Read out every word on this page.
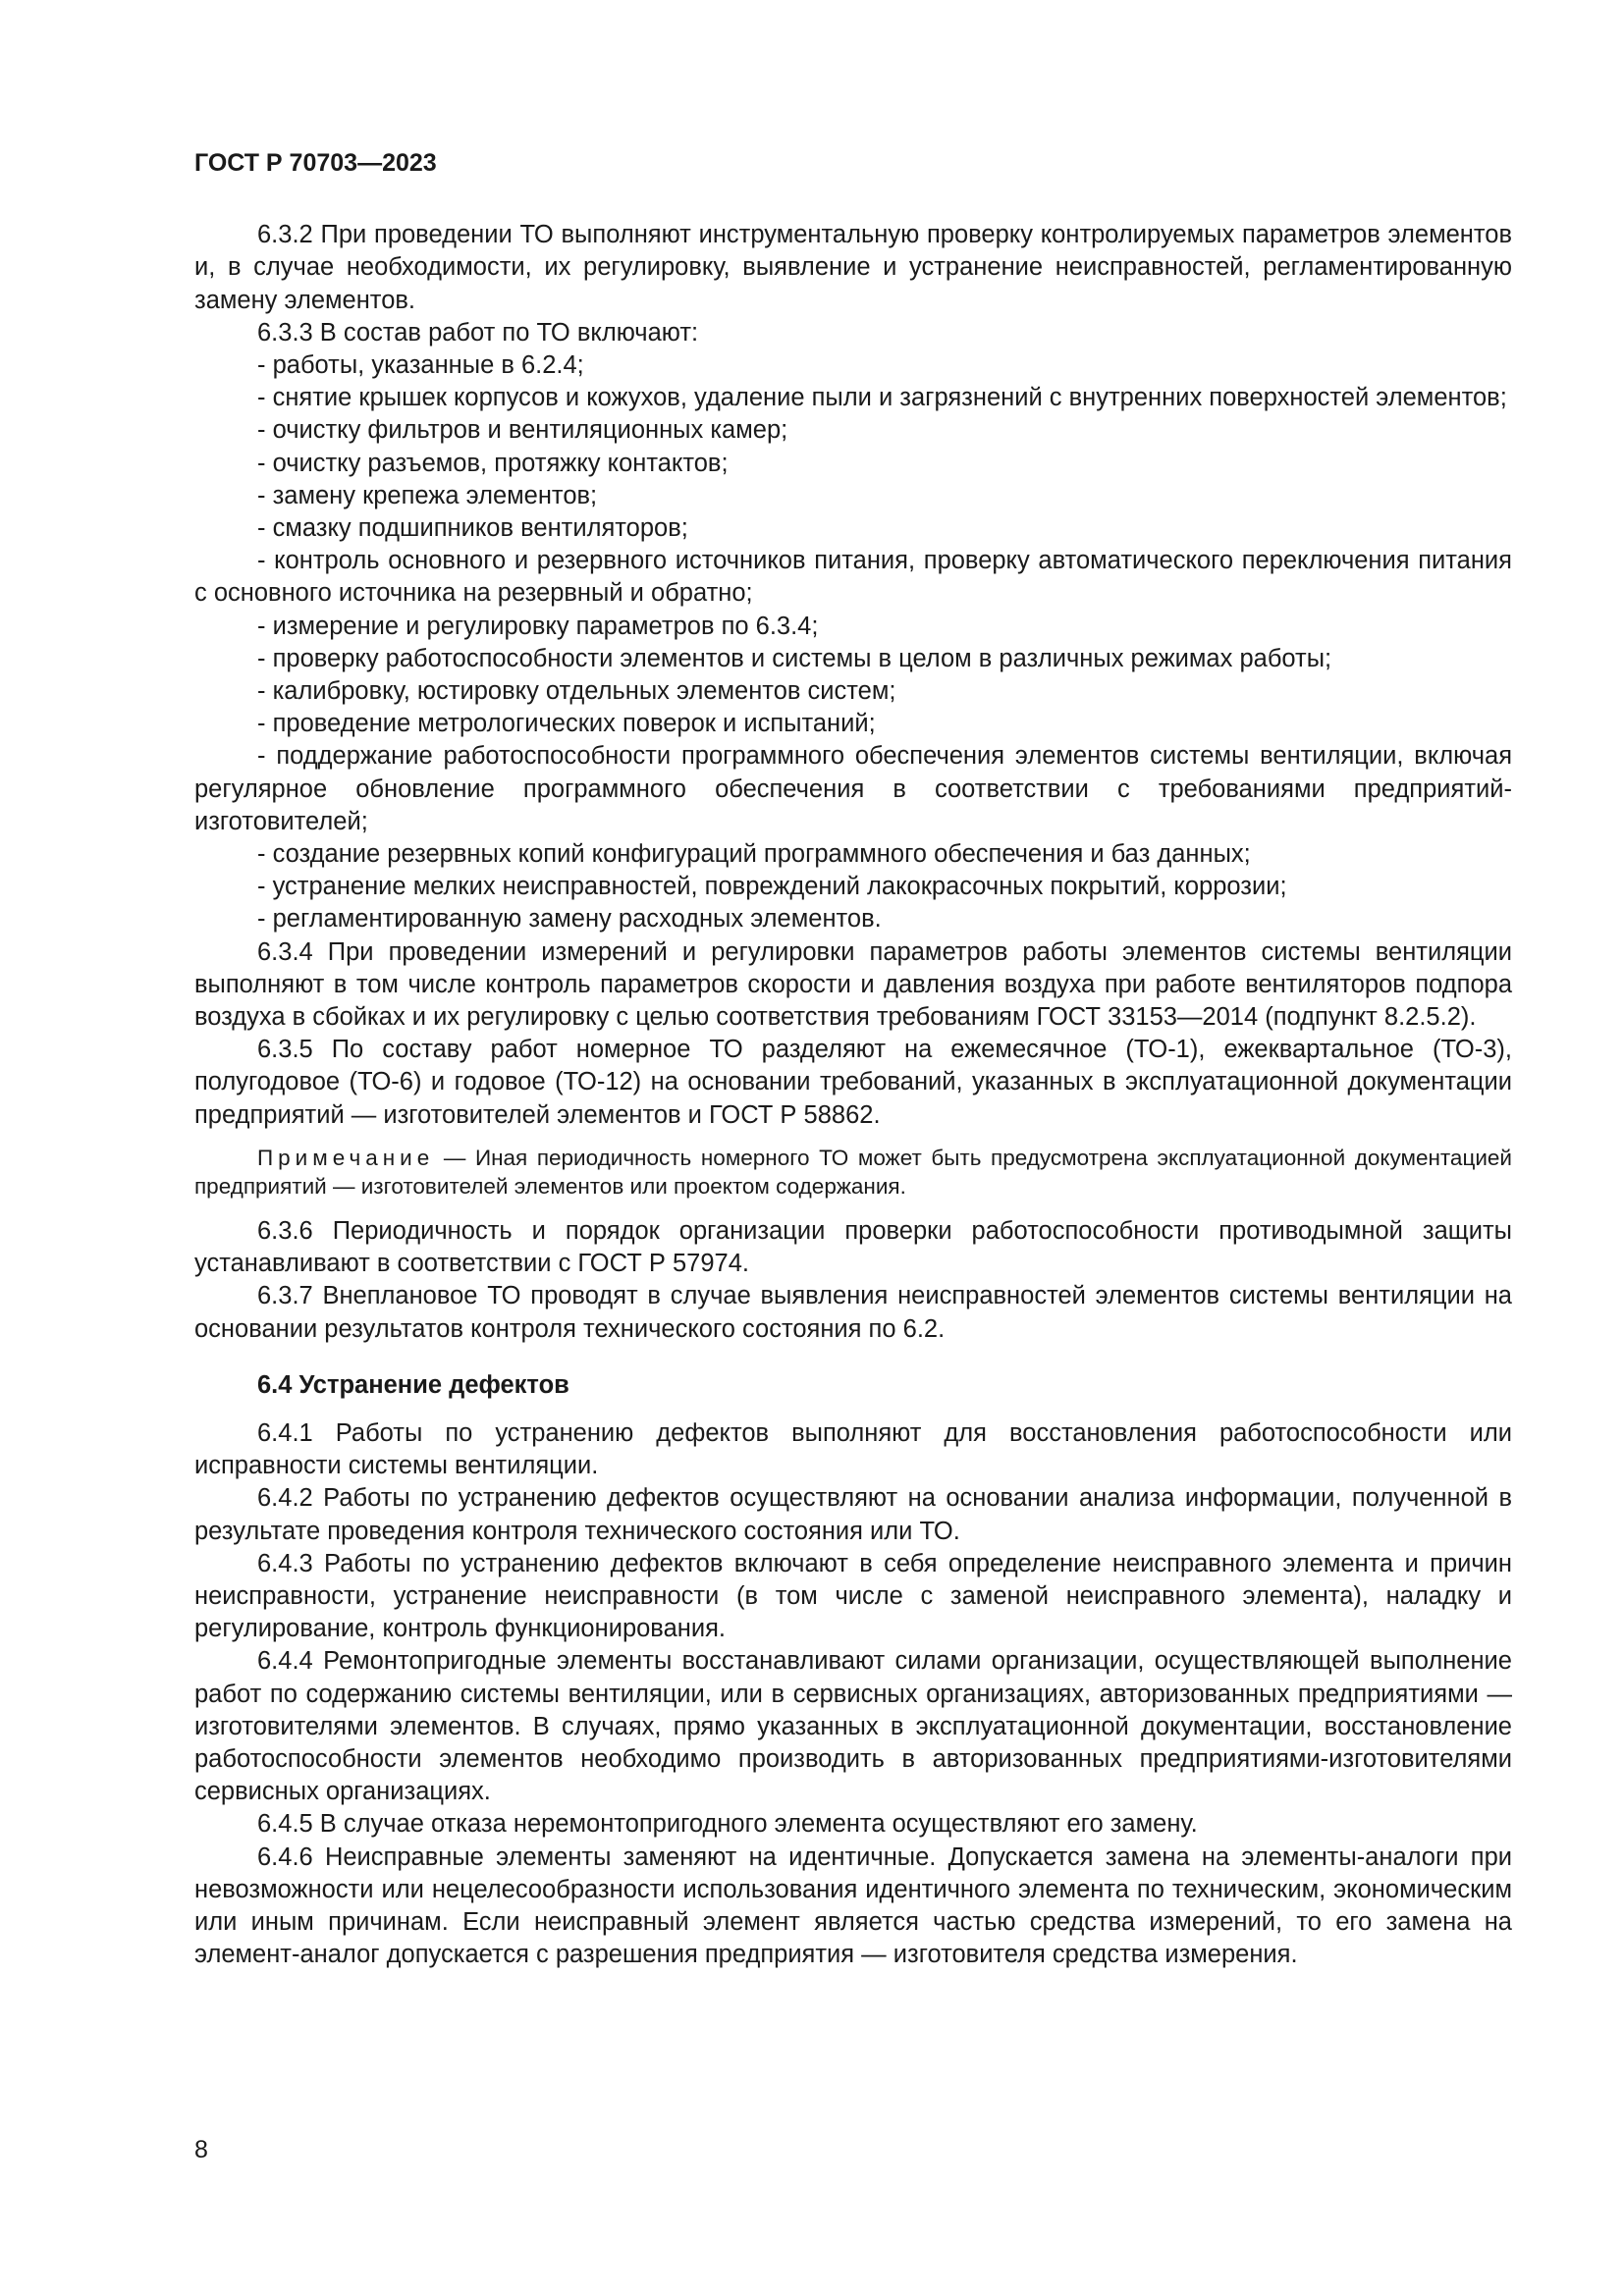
ГОСТ Р 70703—2023

6.3.2 При проведении ТО выполняют инструментальную проверку контролируемых параметров элементов и, в случае необходимости, их регулировку, выявление и устранение неисправностей, регламентированную замену элементов.

6.3.3 В состав работ по ТО включают:

- работы, указанные в 6.2.4;

- снятие крышек корпусов и кожухов, удаление пыли и загрязнений с внутренних поверхностей элементов;

- очистку фильтров и вентиляционных камер;

- очистку разъемов, протяжку контактов;

- замену крепежа элементов;

- смазку подшипников вентиляторов;

- контроль основного и резервного источников питания, проверку автоматического переключения питания с основного источника на резервный и обратно;

- измерение и регулировку параметров по 6.3.4;

- проверку работоспособности элементов и системы в целом в различных режимах работы;

- калибровку, юстировку отдельных элементов систем;

- проведение метрологических поверок и испытаний;

- поддержание работоспособности программного обеспечения элементов системы вентиляции, включая регулярное обновление программного обеспечения в соответствии с требованиями предприятий-изготовителей;

- создание резервных копий конфигураций программного обеспечения и баз данных;

- устранение мелких неисправностей, повреждений лакокрасочных покрытий, коррозии;

- регламентированную замену расходных элементов.

6.3.4 При проведении измерений и регулировки параметров работы элементов системы вентиляции выполняют в том числе контроль параметров скорости и давления воздуха при работе вентиляторов подпора воздуха в сбойках и их регулировку с целью соответствия требованиям ГОСТ 33153—2014 (подпункт 8.2.5.2).

6.3.5 По составу работ номерное ТО разделяют на ежемесячное (ТО-1), ежеквартальное (ТО-3), полугодовое (ТО-6) и годовое (ТО-12) на основании требований, указанных в эксплуатационной документации предприятий — изготовителей элементов и ГОСТ Р 58862.

Примечание — Иная периодичность номерного ТО может быть предусмотрена эксплуатационной документацией предприятий — изготовителей элементов или проектом содержания.

6.3.6 Периодичность и порядок организации проверки работоспособности противодымной защиты устанавливают в соответствии с ГОСТ Р 57974.

6.3.7 Внеплановое ТО проводят в случае выявления неисправностей элементов системы вентиляции на основании результатов контроля технического состояния по 6.2.

6.4 Устранение дефектов

6.4.1 Работы по устранению дефектов выполняют для восстановления работоспособности или исправности системы вентиляции.

6.4.2 Работы по устранению дефектов осуществляют на основании анализа информации, полученной в результате проведения контроля технического состояния или ТО.

6.4.3 Работы по устранению дефектов включают в себя определение неисправного элемента и причин неисправности, устранение неисправности (в том числе с заменой неисправного элемента), наладку и регулирование, контроль функционирования.

6.4.4 Ремонтопригодные элементы восстанавливают силами организации, осуществляющей выполнение работ по содержанию системы вентиляции, или в сервисных организациях, авторизованных предприятиями — изготовителями элементов. В случаях, прямо указанных в эксплуатационной документации, восстановление работоспособности элементов необходимо производить в авторизованных предприятиями-изготовителями сервисных организациях.

6.4.5 В случае отказа неремонтопригодного элемента осуществляют его замену.

6.4.6 Неисправные элементы заменяют на идентичные. Допускается замена на элементы-аналоги при невозможности или нецелесообразности использования идентичного элемента по техническим, экономическим или иным причинам. Если неисправный элемент является частью средства измерений, то его замена на элемент-аналог допускается с разрешения предприятия — изготовителя средства измерения.

8
